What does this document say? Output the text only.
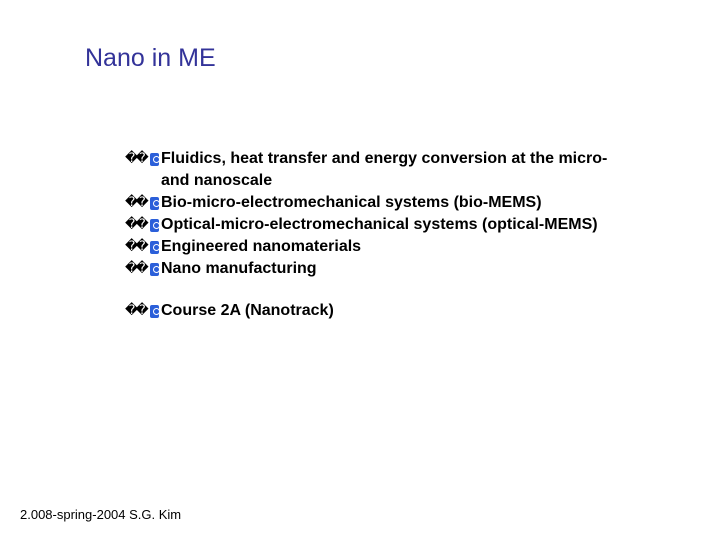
Nano in ME
�� Fluidics, heat transfer and energy conversion at the micro- and nanoscale
�� Bio-micro-electromechanical systems (bio-MEMS)
�� Optical-micro-electromechanical systems (optical-MEMS)
�� Engineered nanomaterials
�� Nano manufacturing
�� Course 2A (Nanotrack)
2.008-spring-2004 S.G. Kim
